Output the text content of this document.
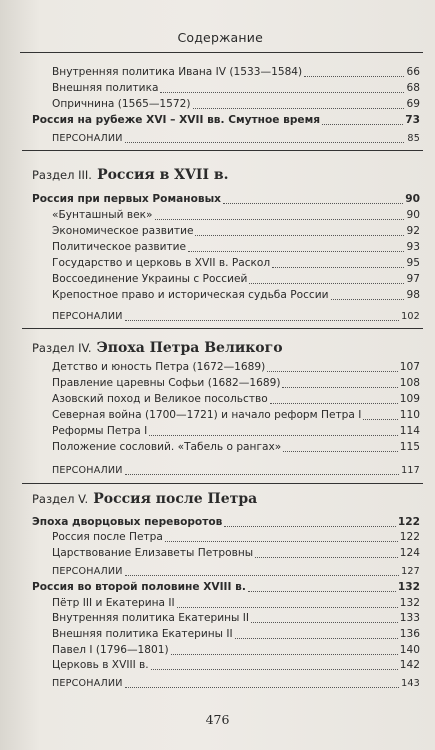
Содержание
Внутренняя политика Ивана IV (1533—1584)	66
Внешняя политика	68
Опричнина (1565—1572)	69
Россия на рубеже XVI – XVII вв. Смутное время	73
ПЕРСОНАЛИИ	85
Раздел III. Россия в XVII в.
Россия при первых Романовых	90
«Бунташный век»	90
Экономическое развитие	92
Политическое развитие	93
Государство и церковь в XVII в. Раскол	95
Воссоединение Украины с Россией	97
Крепостное право и историческая судьба России	98
ПЕРСОНАЛИИ	102
Раздел IV. Эпоха Петра Великого
Детство и юность Петра (1672—1689)	107
Правление царевны Софьи (1682—1689)	108
Азовский поход и Великое посольство	109
Северная война (1700—1721) и начало реформ Петра I	110
Реформы Петра I	114
Положение сословий. «Табель о рангах»	115
ПЕРСОНАЛИИ	117
Раздел V. Россия после Петра
Эпоха дворцовых переворотов	122
Россия после Петра	122
Царствование Елизаветы Петровны	124
ПЕРСОНАЛИИ	127
Россия во второй половине XVIII в.	132
Пётр III и Екатерина II	132
Внутренняя политика Екатерины II	133
Внешняя политика Екатерины II	136
Павел I (1796—1801)	140
Церковь в XVIII в.	142
ПЕРСОНАЛИИ	143
476
